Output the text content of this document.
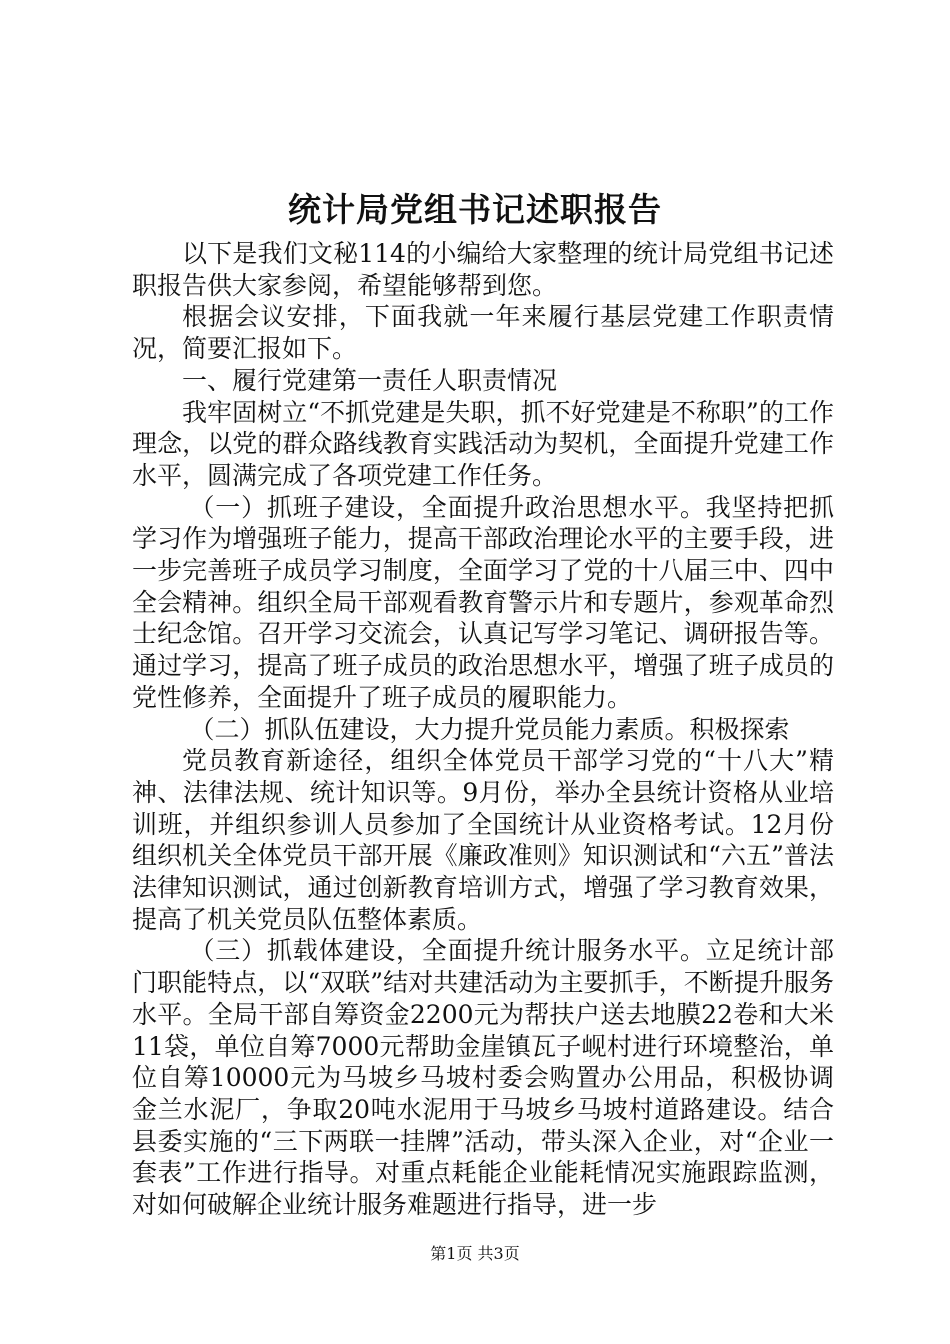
统计局党组书记述职报告

以下是我们文秘114的小编给大家整理的统计局党组书记述职报告供大家参阅，希望能够帮到您。

根据会议安排，下面我就一年来履行基层党建工作职责情况，简要汇报如下。

一、履行党建第一责任人职责情况

我牢固树立“不抓党建是失职，抓不好党建是不称职”的工作理念，以党的群众路线教育实践活动为契机，全面提升党建工作水平，圆满完成了各项党建工作任务。

（一）抓班子建设，全面提升政治思想水平。我坚持把抓学习作为增强班子能力，提高干部政治理论水平的主要手段，进一步完善班子成员学习制度，全面学习了党的十八届三中、四中全会精神。组织全局干部观看教育警示片和专题片，参观革命烈士纪念馆。召开学习交流会，认真记写学习笔记、调研报告等。通过学习，提高了班子成员的政治思想水平，增强了班子成员的党性修养，全面提升了班子成员的履职能力。

（二）抓队伍建设，大力提升党员能力素质。积极探索

党员教育新途径，组织全体党员干部学习党的“十八大”精神、法律法规、统计知识等。9月份，举办全县统计资格从业培训班，并组织参训人员参加了全国统计从业资格考试。12月份组织机关全体党员干部开展《廉政准则》知识测试和“六五”普法法律知识测试，通过创新教育培训方式，增强了学习教育效果，提高了机关党员队伍整体素质。

（三）抓载体建设，全面提升统计服务水平。立足统计部门职能特点，以“双联”结对共建活动为主要抓手，不断提升服务水平。全局干部自筹资金2200元为帮扶户送去地膜22卷和大米11袋，单位自筹7000元帮助金崖镇瓦子岘村进行环境整治，单位自筹10000元为马坡乡马坡村委会购置办公用品，积极协调金兰水泥厂，争取20吨水泥用于马坡乡马坡村道路建设。结合县委实施的“三下两联一挂牌”活动，带头深入企业，对“企业一套表”工作进行指导。对重点耗能企业能耗情况实施跟踪监测，对如何破解企业统计服务难题进行指导，进一步

第1页 共3页
